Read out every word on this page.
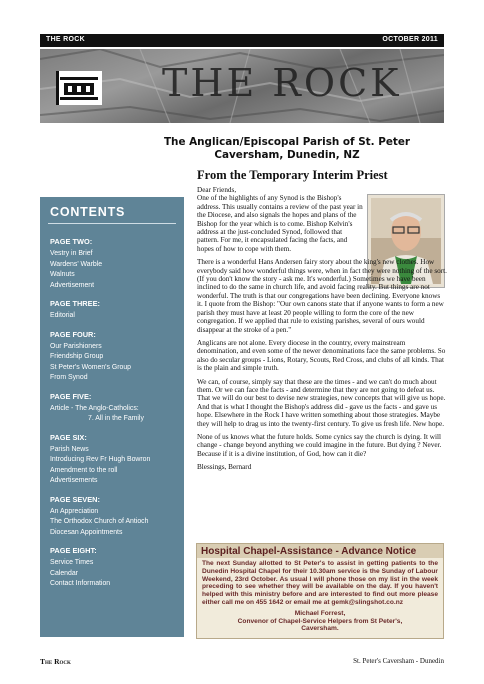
THE ROCK	OCTOBER 2011
THE ROCK
The Anglican/Episcopal Parish of St. Peter
Caversham, Dunedin, NZ
CONTENTS
PAGE TWO:
Vestry in Brief
Wardens' Warble
Walnuts
Advertisement
PAGE THREE:
Editorial
PAGE FOUR:
Our Parishioners
Friendship Group
St Peter's Women's Group
From Synod
PAGE FIVE:
Article - The Anglo-Catholics:
7. All in the Family
PAGE SIX:
Parish News
Introducing Rev Fr Hugh Bowron
Amendment to the roll
Advertisements
PAGE SEVEN:
An Appreciation
The Orthodox Church of Antioch
Diocesan Appointments
PAGE EIGHT:
Service Times
Calendar
Contact Information
From the Temporary Interim Priest

Dear Friends,

One of the highlights of any Synod is the Bishop's address. This usually contains a review of the past year in the Diocese, and also signals the hopes and plans of the Bishop for the year which is to come. Bishop Kelvin's address at the just-concluded Synod, followed that pattern. For me, it encapsulated facing the facts, and hopes of how to cope with them.

There is a wonderful Hans Andersen fairy story about the king's new clothes. How everybody said how wonderful things were, when in fact they were nothing of the sort. (If you don't know the story - ask me. It's wonderful.) Sometimes we have been inclined to do the same in church life, and avoid facing reality. But things are not wonderful. The truth is that our congregations have been declining. Everyone knows it. I quote from the Bishop: "Our own canons state that if anyone wants to form a new parish they must have at least 20 people willing to form the core of the new congregation. If we applied that rule to existing parishes, several of ours would disappear at the stroke of a pen."

Anglicans are not alone. Every diocese in the country, every mainstream denomination, and even some of the newer denominations face the same problems. So also do secular groups - Lions, Rotary, Scouts, Red Cross, and clubs of all kinds. That is the plain and simple truth.

We can, of course, simply say that these are the times - and we can't do much about them. Or we can face the facts - and determine that they are not going to defeat us. That we will do our best to devise new strategies, new concepts that will give us hope. And that is what I thought the Bishop's address did - gave us the facts - and gave us hope. Elsewhere in the Rock I have written something about those strategies. Maybe they will help to drag us into the twenty-first century. To give us fresh life. New hope.

None of us knows what the future holds. Some cynics say the church is dying. It will change - change beyond anything we could imagine in the future. But dying ? Never. Because if it is a divine institution, of God, how can it die?

Blessings, Bernard

Hospital Chapel-Assistance - Advance Notice
The next Sunday allotted to St Peter's to assist in getting patients to the Dunedin Hospital Chapel for their 10.30am service is the Sunday of Labour Weekend, 23rd October. As usual I will phone those on my list in the week preceding to see whether they will be available on the day. If you haven't helped with this ministry before and are interested to find out more please either call me on 455 1642 or email me at gemk@slingshot.co.nz
Michael Forrest,
Convenor of Chapel-Service Helpers from St Peter's,
Caversham.
The Rock	St. Peter's Caversham - Dunedin
